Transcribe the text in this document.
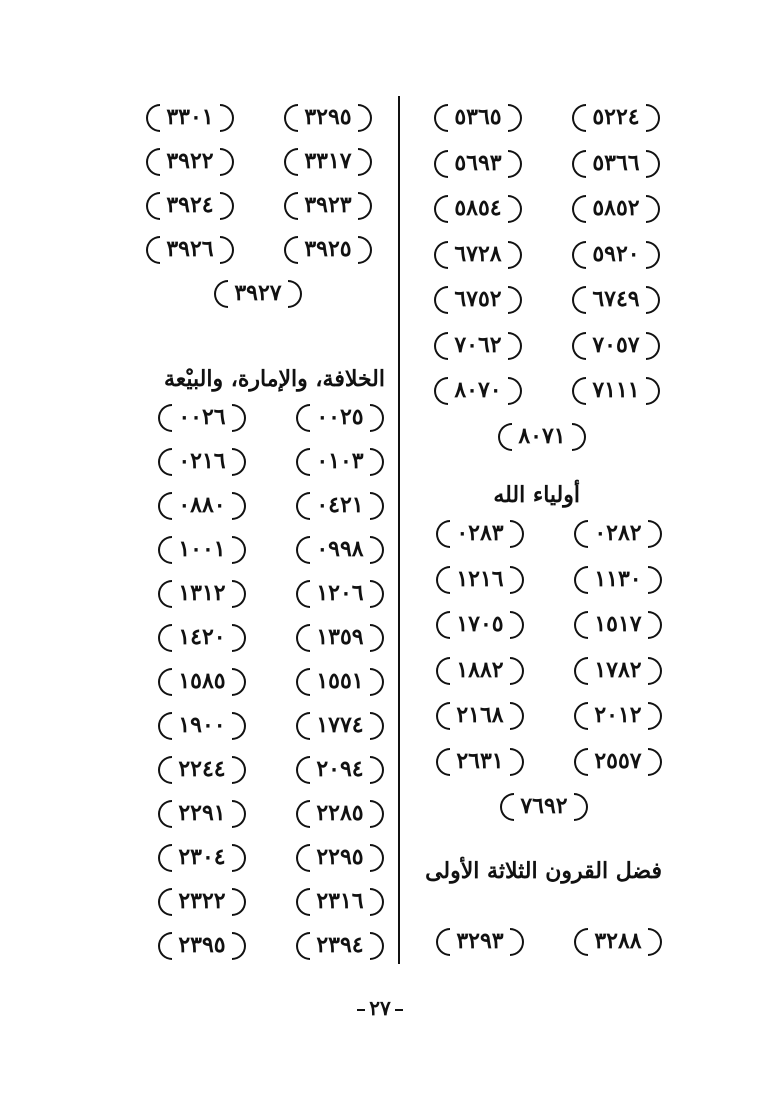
٣٢٩٥
٣٣٠١
٣٣١٧
٣٩٢٢
٣٩٢٣
٣٩٢٤
٣٩٢٥
٣٩٢٦
٣٩٢٧
الخلافة، والإمارة، والبيْعة
٠٠٢٥
٠٠٢٦
٠١٠٣
٠٢١٦
٠٤٢١
٠٨٨٠
٠٩٩٨
١٠٠١
١٢٠٦
١٣١٢
١٣٥٩
١٤٢٠
١٥٥١
١٥٨٥
١٧٧٤
١٩٠٠
٢٠٩٤
٢٢٤٤
٢٢٨٥
٢٢٩١
٢٢٩٥
٢٣٠٤
٢٣١٦
٢٣٢٢
٢٣٩٤
٢٣٩٥
٥٢٢٤
٥٣٦٥
٥٣٦٦
٥٦٩٣
٥٨٥٢
٥٨٥٤
٥٩٢٠
٦٧٢٨
٦٧٤٩
٦٧٥٢
٧٠٥٧
٧٠٦٢
٧١١١
٨٠٧٠
٨٠٧١
أولياء الله
٠٢٨٢
٠٢٨٣
١١٣٠
١٢١٦
١٥١٧
١٧٠٥
١٧٨٢
١٨٨٢
٢٠١٢
٢١٦٨
٢٥٥٧
٢٦٣١
٧٦٩٢
فضل القرون الثلاثة الأولى
٣٢٨٨
٣٢٩٣
٢٧
